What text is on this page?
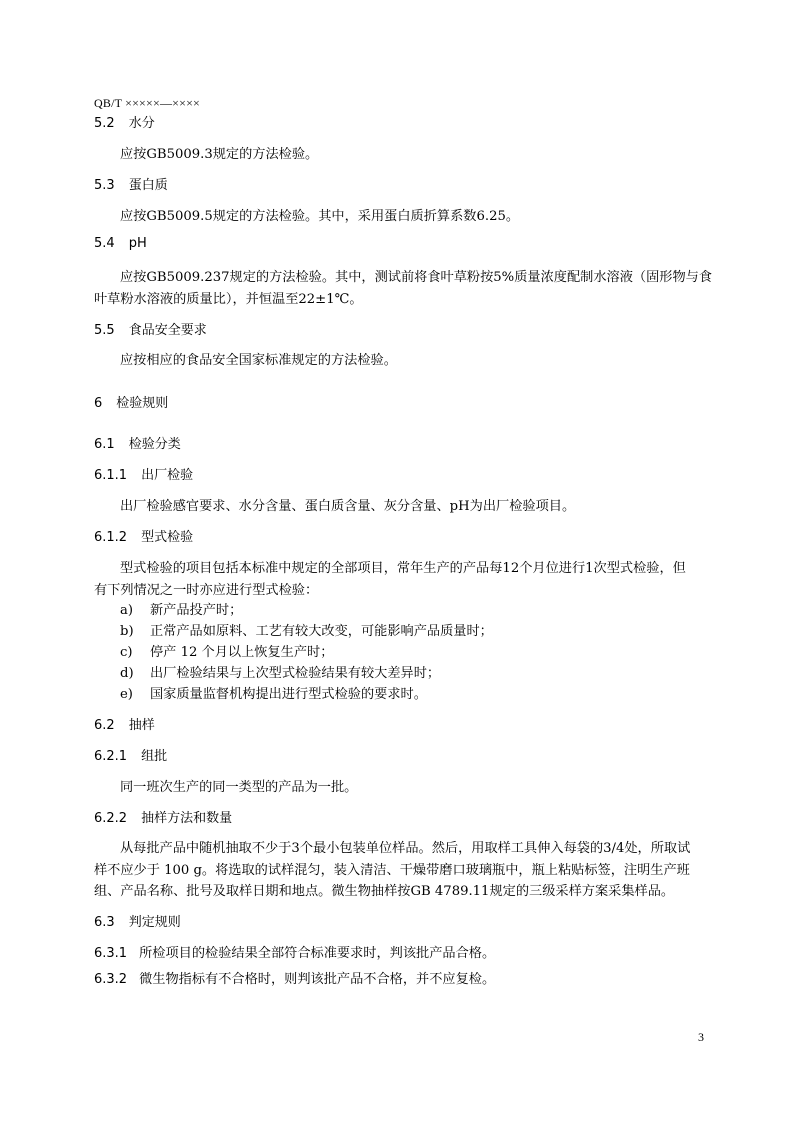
QB/T ×××××—××××
5.2 水分
应按GB5009.3规定的方法检验。
5.3 蛋白质
应按GB5009.5规定的方法检验。其中，采用蛋白质折算系数6.25。
5.4 pH
应按GB5009.237规定的方法检验。其中，测试前将食叶草粉按5%质量浓度配制水溶液（固形物与食
叶草粉水溶液的质量比），并恒温至22±1℃。
5.5 食品安全要求
应按相应的食品安全国家标准规定的方法检验。
6 检验规则
6.1 检验分类
6.1.1 出厂检验
出厂检验感官要求、水分含量、蛋白质含量、灰分含量、pH为出厂检验项目。
6.1.2 型式检验
型式检验的项目包括本标准中规定的全部项目，常年生产的产品每12个月位进行1次型式检验，但
有下列情况之一时亦应进行型式检验：
a) 新产品投产时；
b) 正常产品如原料、工艺有较大改变，可能影响产品质量时；
c) 停产 12 个月以上恢复生产时；
d) 出厂检验结果与上次型式检验结果有较大差异时；
e) 国家质量监督机构提出进行型式检验的要求时。
6.2 抽样
6.2.1 组批
同一班次生产的同一类型的产品为一批。
6.2.2 抽样方法和数量
从每批产品中随机抽取不少于3个最小包装单位样品。然后，用取样工具伸入每袋的3/4处，所取试
样不应少于 100 g。将选取的试样混匀，装入清洁、干燥带磨口玻璃瓶中，瓶上粘贴标签，注明生产班
组、产品名称、批号及取样日期和地点。微生物抽样按GB 4789.11规定的三级采样方案采集样品。
6.3 判定规则
6.3.1 所检项目的检验结果全部符合标准要求时，判该批产品合格。
6.3.2 微生物指标有不合格时，则判该批产品不合格，并不应复检。
3
